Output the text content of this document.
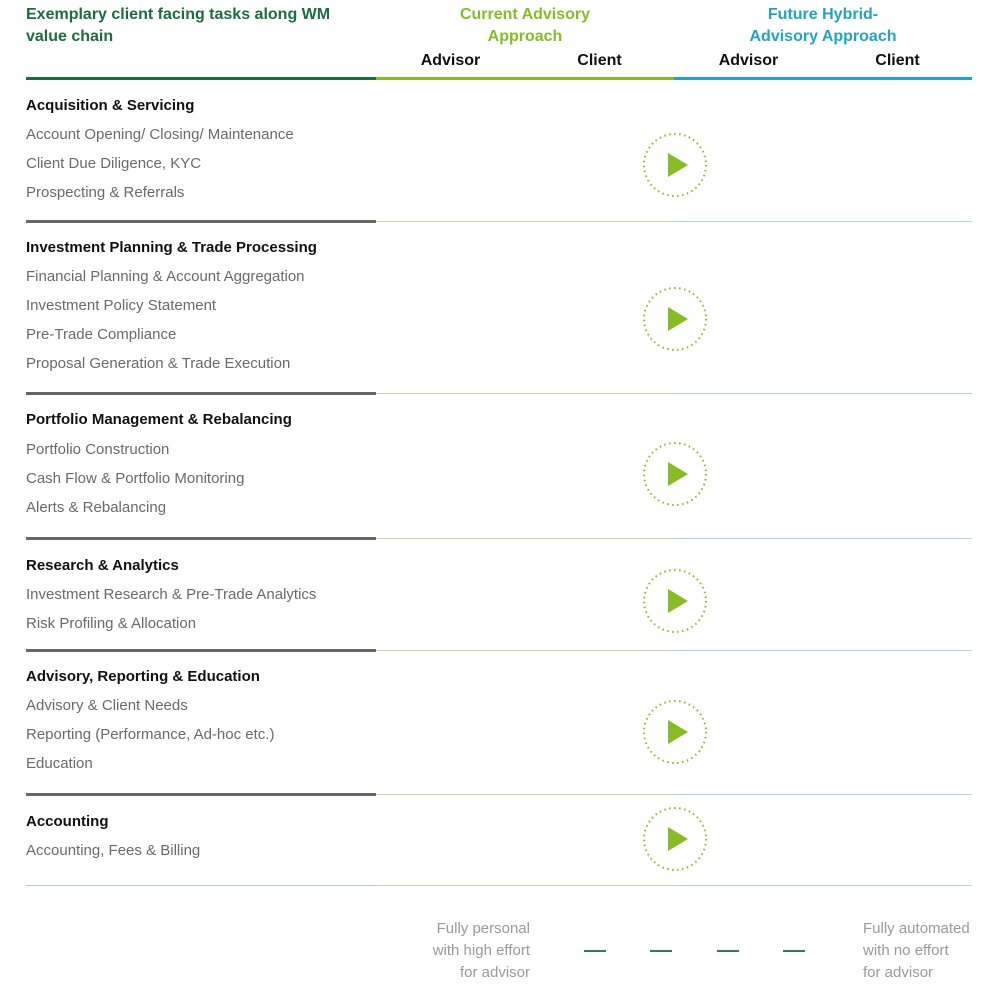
Exemplary client facing tasks along WM value chain
Current Advisory
Approach
Future Hybrid-
Advisory Approach
Advisor	Client	Advisor	Client
Acquisition & Servicing
Account Opening/ Closing/ Maintenance
Client Due Diligence, KYC
Prospecting & Referrals
Investment Planning & Trade Processing
Financial Planning & Account Aggregation
Investment Policy Statement
Pre-Trade Compliance
Proposal Generation & Trade Execution
Portfolio Management & Rebalancing
Portfolio Construction
Cash Flow & Portfolio Monitoring
Alerts & Rebalancing
Research & Analytics
Investment Research & Pre-Trade Analytics
Risk Profiling & Allocation
Advisory, Reporting & Education
Advisory & Client Needs
Reporting (Performance, Ad-hoc etc.)
Education
Accounting
Accounting, Fees & Billing
Fully personal
with high effort
for advisor
Fully automated
with no effort
for advisor
